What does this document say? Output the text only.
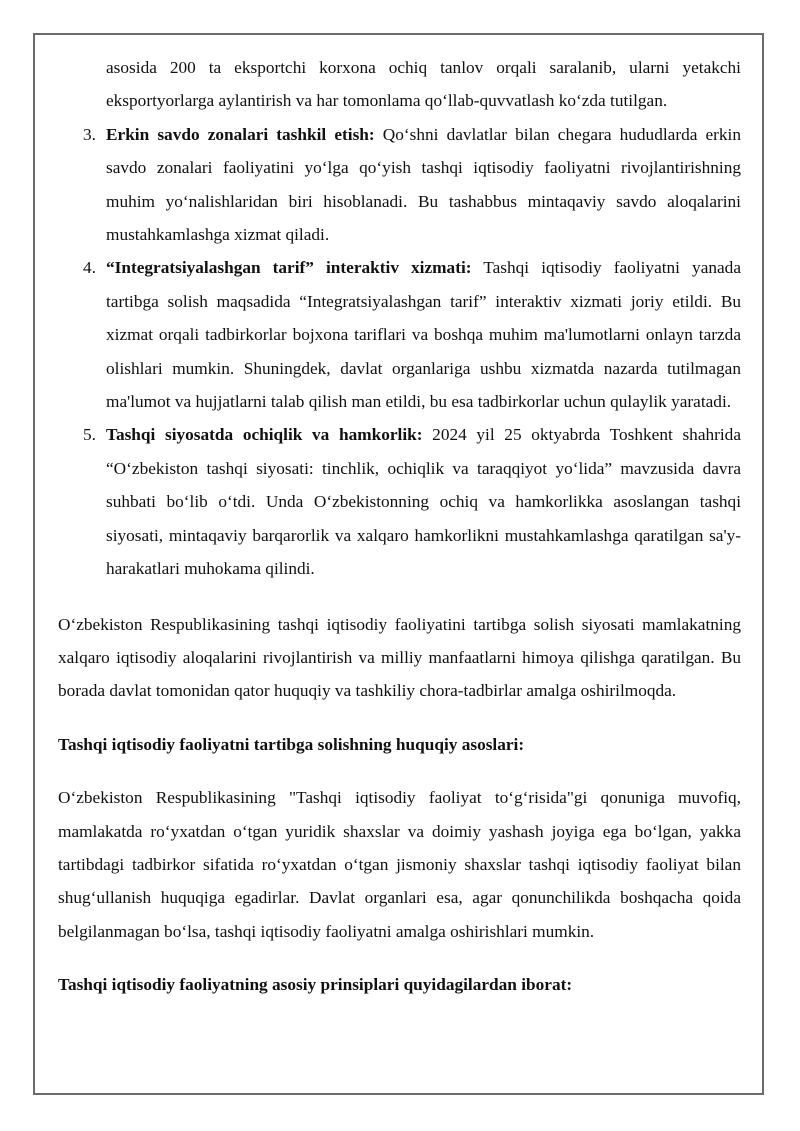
asosida 200 ta eksportchi korxona ochiq tanlov orqali saralanib, ularni yetakchi eksportyorlarga aylantirish va har tomonlama qo‘llab-quvvatlash ko‘zda tutilgan.
3. Erkin savdo zonalari tashkil etish: Qo‘shni davlatlar bilan chegara hududlarda erkin savdo zonalari faoliyatini yo‘lga qo‘yish tashqi iqtisodiy faoliyatni rivojlantirishning muhim yo‘nalishlaridan biri hisoblanadi. Bu tashabbus mintaqaviy savdo aloqalarini mustahkamlashga xizmat qiladi.
4. “Integratsiyalashgan tarif” interaktiv xizmati: Tashqi iqtisodiy faoliyatni yanada tartibga solish maqsadida “Integratsiyalashgan tarif” interaktiv xizmati joriy etildi. Bu xizmat orqali tadbirkorlar bojxona tariflari va boshqa muhim ma'lumotlarni onlayn tarzda olishlari mumkin. Shuningdek, davlat organlariga ushbu xizmatda nazarda tutilmagan ma'lumot va hujjatlarni talab qilish man etildi, bu esa tadbirkorlar uchun qulaylik yaratadi.
5. Tashqi siyosatda ochiqlik va hamkorlik: 2024 yil 25 oktyabrda Toshkent shahrida “O‘zbekiston tashqi siyosati: tinchlik, ochiqlik va taraqqiyot yo‘lida” mavzusida davra suhbati bo‘lib o‘tdi. Unda O‘zbekistonning ochiq va hamkorlikka asoslangan tashqi siyosati, mintaqaviy barqarorlik va xalqaro hamkorlikni mustahkamlashga qaratilgan sa'y-harakatlari muhokama qilindi.

O‘zbekiston Respublikasining tashqi iqtisodiy faoliyatini tartibga solish siyosati mamlakatning xalqaro iqtisodiy aloqalarini rivojlantirish va milliy manfaatlarni himoya qilishga qaratilgan. Bu borada davlat tomonidan qator huquqiy va tashkiliy chora-tadbirlar amalga oshirilmoqda.

Tashqi iqtisodiy faoliyatni tartibga solishning huquqiy asoslari:

O‘zbekiston Respublikasining "Tashqi iqtisodiy faoliyat to‘g‘risida"gi qonuniga muvofiq, mamlakatda ro‘yxatdan o‘tgan yuridik shaxslar va doimiy yashash joyiga ega bo‘lgan, yakka tartibdagi tadbirkor sifatida ro‘yxatdan o‘tgan jismoniy shaxslar tashqi iqtisodiy faoliyat bilan shug‘ullanish huquqiga egadirlar. Davlat organlari esa, agar qonunchilikda boshqacha qoida belgilanmagan bo‘lsa, tashqi iqtisodiy faoliyatni amalga oshirishlari mumkin.

Tashqi iqtisodiy faoliyatning asosiy prinsiplari quyidagilardan iborat:
